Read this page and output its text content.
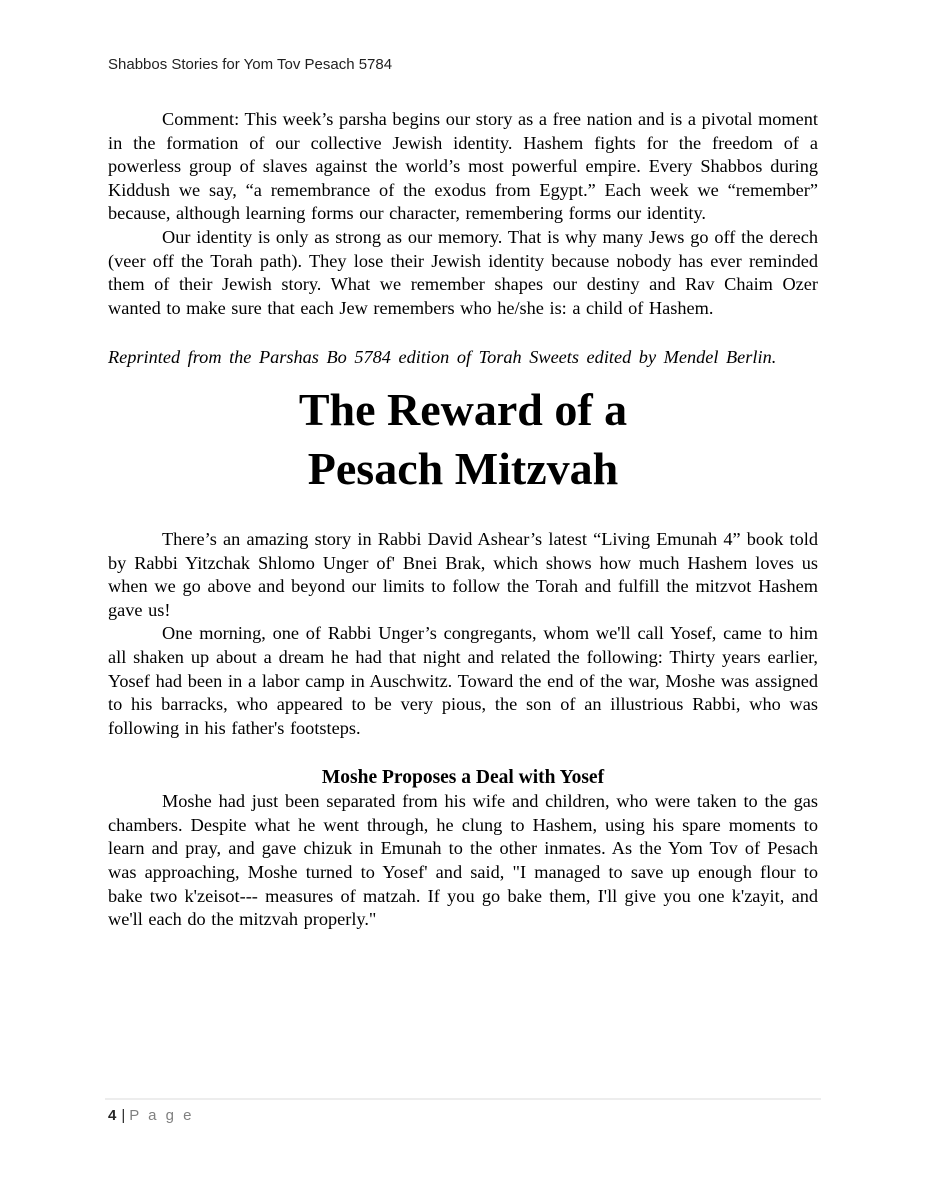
Shabbos Stories for Yom Tov Pesach 5784

Comment: This week’s parsha begins our story as a free nation and is a pivotal moment in the formation of our collective Jewish identity. Hashem fights for the freedom of a powerless group of slaves against the world’s most powerful empire. Every Shabbos during Kiddush we say, “a remembrance of the exodus from Egypt.” Each week we “remember” because, although learning forms our character, remembering forms our identity.

Our identity is only as strong as our memory. That is why many Jews go off the derech (veer off the Torah path). They lose their Jewish identity because nobody has ever reminded them of their Jewish story. What we remember shapes our destiny and Rav Chaim Ozer wanted to make sure that each Jew remembers who he/she is: a child of Hashem.

Reprinted from the Parshas Bo 5784 edition of Torah Sweets edited by Mendel Berlin.

The Reward of a
Pesach Mitzvah

There’s an amazing story in Rabbi David Ashear’s latest “Living Emunah 4” book told by Rabbi Yitzchak Shlomo Unger of' Bnei Brak, which shows how much Hashem loves us when we go above and beyond our limits to follow the Torah and fulfill the mitzvot Hashem gave us!

One morning, one of Rabbi Unger’s congregants, whom we'll call Yosef, came to him all shaken up about a dream he had that night and related the following: Thirty years earlier, Yosef had been in a labor camp in Auschwitz. Toward the end of the war, Moshe was assigned to his barracks, who appeared to be very pious, the son of an illustrious Rabbi, who was following in his father's footsteps.

Moshe Proposes a Deal with Yosef

Moshe had just been separated from his wife and children, who were taken to the gas chambers. Despite what he went through, he clung to Hashem, using his spare moments to learn and pray, and gave chizuk in Emunah to the other inmates. As the Yom Tov of Pesach was approaching, Moshe turned to Yosef' and said, "I managed to save up enough flour to bake two k'zeisot--- measures of matzah. If you go bake them, I'll give you one k'zayit, and we'll each do the mitzvah properly."

4 | P a g e
